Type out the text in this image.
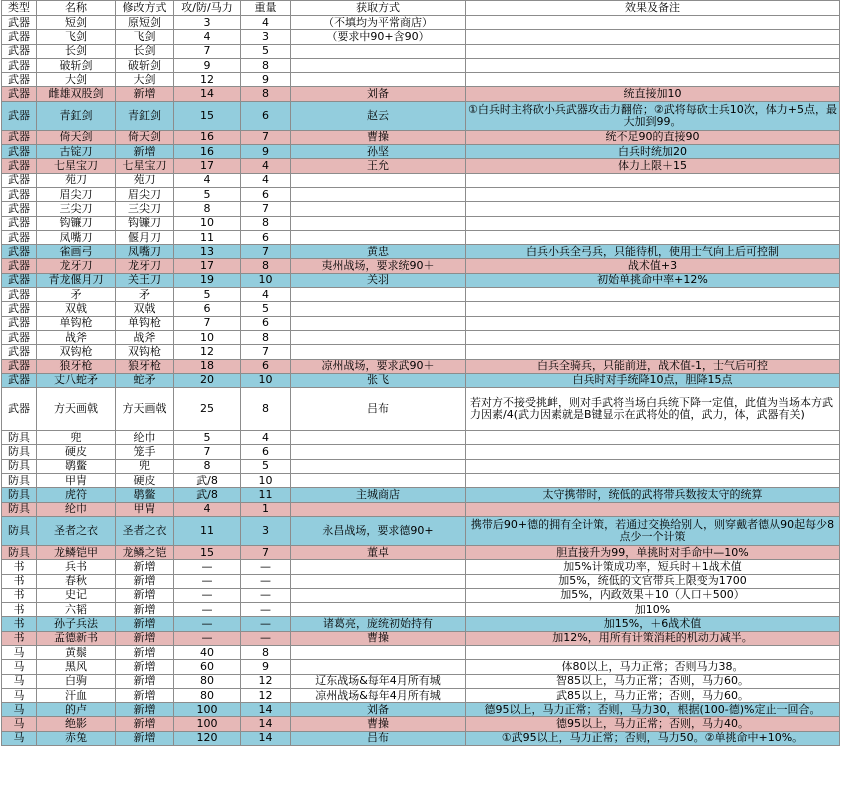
类型	名称	修改方式	攻/防/马力	重量	获取方式	效果及备注
武器	短剑	原短剑	3	4	（不填均为平常商店）	
武器	飞剑	飞剑	4	3	（要求中90+含90）	
武器	长剑	长剑	7	5		
武器	破斩剑	破斩剑	9	8		
武器	大剑	大剑	12	9		
武器	雌雄双股剑	新增	14	8	刘备	统直接加10
武器	青釭剑	青釭剑	15	6	赵云	①白兵时主将砍小兵武器攻击力翻倍；②武将每砍士兵10次，体力+5点，最大加到99。
武器	倚天剑	倚天剑	16	7	曹操	统不足90的直接90
武器	古锭刀	新增	16	9	孙坚	白兵时统加20
武器	七星宝刀	七星宝刀	17	4	王允	体力上限＋15
武器	苑刀	苑刀	4	4		
武器	眉尖刀	眉尖刀	5	6		
武器	三尖刀	三尖刀	8	7		
武器	钩镰刀	钩镰刀	10	8		
武器	凤嘴刀	偃月刀	11	6		
武器	雀画弓	凤嘴刀	13	7	黄忠	白兵小兵全弓兵，只能待机，使用士气向上后可控制
武器	龙牙刀	龙牙刀	17	8	夷州战场，要求统90＋	战术值+3
武器	青龙偃月刀	关王刀	19	10	关羽	初始单挑命中率+12%
武器	矛	矛	5	4		
武器	双戟	双戟	6	5		
武器	单钩枪	单钩枪	7	6		
武器	战斧	战斧	10	8		
武器	双钩枪	双钩枪	12	7		
武器	狼牙枪	狼牙枪	18	6	凉州战场，要求武90＋	白兵全骑兵，只能前进，战术值-1，士气后可控
武器	丈八蛇矛	蛇矛	20	10	张飞	白兵时对手统降10点，胆降15点
武器	方天画戟	方天画戟	25	8	吕布	若对方不接受挑衅，则对手武将当场白兵统下降一定值，此值为当场本方武力因素/4(武力因素就是B键显示在武将处的值，武力，体，武器有关)
防具	兜	纶巾	5	4		
防具	硬皮	笼手	7	6		
防具	鹖鳖	兜	8	5		
防具	甲胄	硬皮	武/8	10		
防具	虎符	鹖鳖	武/8	11	主城商店	太守携带时，统低的武将带兵数按太守的统算
防具	纶巾	甲胄	4	1		
防具	圣者之衣	圣者之衣	11	3	永昌战场，要求德90+	携带后90+德的拥有全计策，若通过交换给别人，则穿戴者德从90起每少8点少一个计策
防具	龙鳞铠甲	龙鳞之铠	15	7	董卓	胆直接升为99，单挑时对手命中—10%
书	兵书	新增	—	—		加5%计策成功率，短兵时＋1战术值
书	春秋	新增	—	—		加5%，统低的文官带兵上限变为1700
书	史记	新增	—	—		加5%，内政效果＋10（人口＋500）
书	六韬	新增	—	—		加10%
书	孙子兵法	新增	—	—	诸葛亮，庞统初始持有	加15%，＋6战术值
书	孟德新书	新增	—	—	曹操	加12%，用所有计策消耗的机动力减半。
马	黄鬃	新增	40	8		
马	黑风	新增	60	9		体80以上，马力正常；否则马力38。
马	白驹	新增	80	12	辽东战场&每年4月所有城	智85以上，马力正常；否则，马力60。
马	汗血	新增	80	12	凉州战场&每年4月所有城	武85以上，马力正常；否则，马力60。
马	的卢	新增	100	14	刘备	德95以上，马力正常；否则，马力30，根据(100-德)%定止一回合。
马	绝影	新增	100	14	曹操	德95以上，马力正常；否则，马力40。
马	赤兔	新增	120	14	吕布	①武95以上，马力正常；否则，马力50。②单挑命中+10%。
